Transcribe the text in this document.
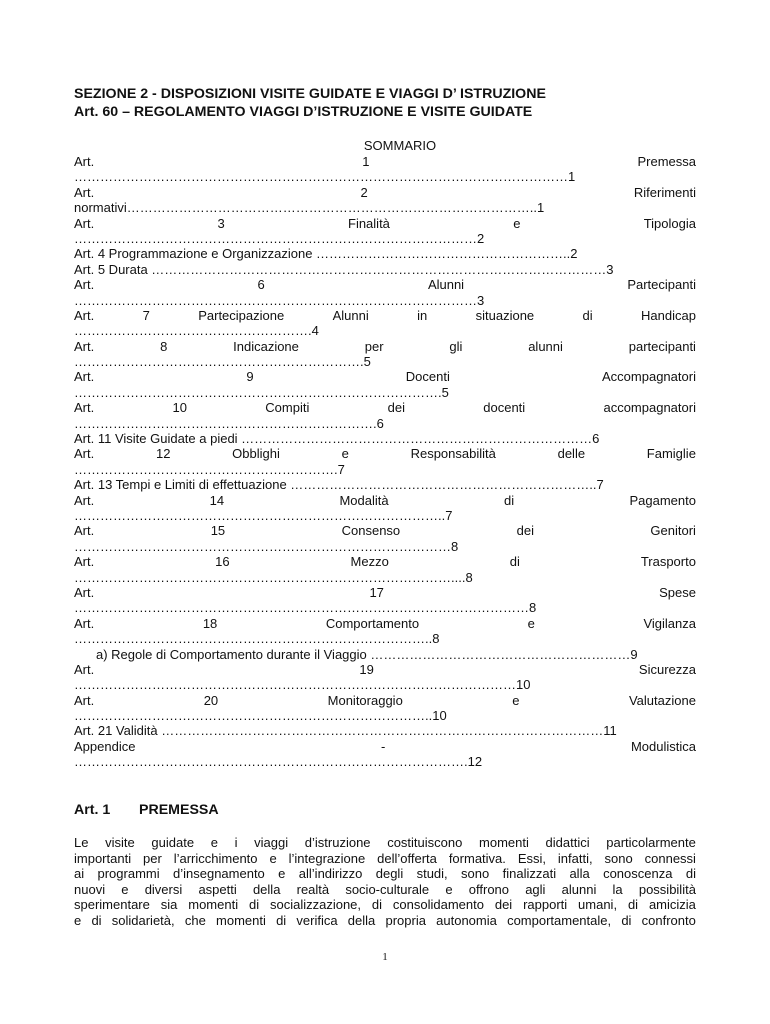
SEZIONE 2 - DISPOSIZIONI VISITE GUIDATE E VIAGGI D’ ISTRUZIONE
Art. 60 – REGOLAMENTO VIAGGI D’ISTRUZIONE E VISITE GUIDATE
SOMMARIO
Art.	1	Premessa
……………………………………………………………………………………………………1
Art.	2	Riferimenti
normativi…………………………………………………………………………………..1
Art.	3	Finalità	e	Tipologia
…………………………………………………………………………………2
Art. 4 Programmazione e Organizzazione …………………………………………………..2
Art. 5 Durata ……………………………………………………………………………………………3
Art.	6	Alunni	Partecipanti
…………………………………………………………………………………3
Art.	7	Partecipazione	Alunni	in	situazione	di	Handicap
……………………………………………….4
Art.	8	Indicazione	per	gli	alunni	partecipanti
………………………………………………………….5
Art.	9	Docenti	Accompagnatori
………………………………………………………………………….5
Art.	10	Compiti	dei	docenti	accompagnatori
…………………………………………………………….6
Art. 11 Visite Guidate a piedi ………………………………………………………………………6
Art.	12	Obblighi	e	Responsabilità	delle	Famiglie
…………………………………………………….7
Art. 13 Tempi e Limiti di effettuazione ……………………………………………………………..7
Art.	14	Modalità	di	Pagamento
…………………………………………………………………………..7
Art.	15	Consenso	dei	Genitori
……………………………………………………………………………8
Art.	16	Mezzo	di	Trasporto
……………………………………………………………………………....8
Art.	17	Spese
……………………………………………………………………………………………8
Art.	18	Comportamento	e	Vigilanza
………………………………………………………………………..8
a) Regole di Comportamento durante il Viaggio ……………………………………………………9
Art.	19	Sicurezza
…………………………………………………………………………………………10
Art.	20	Monitoraggio	e	Valutazione
………………………………………………………………………..10
Art. 21 Validità …………………………………………………………………………………………11
Appendice	-	Modulistica
……………………………………………………………………………….12
Art. 1 PREMESSA
Le visite guidate e i viaggi d’istruzione costituiscono momenti didattici particolarmente
importanti per l’arricchimento e l’integrazione dell’offerta formativa. Essi, infatti, sono connessi
ai programmi d’insegnamento e all’indirizzo degli studi, sono finalizzati alla conoscenza di
nuovi e diversi aspetti della realtà socio-culturale e offrono agli alunni la possibilità
sperimentare sia momenti di socializzazione, di consolidamento dei rapporti umani, di amicizia
e di solidarietà, che momenti di verifica della propria autonomia comportamentale, di confronto
1
